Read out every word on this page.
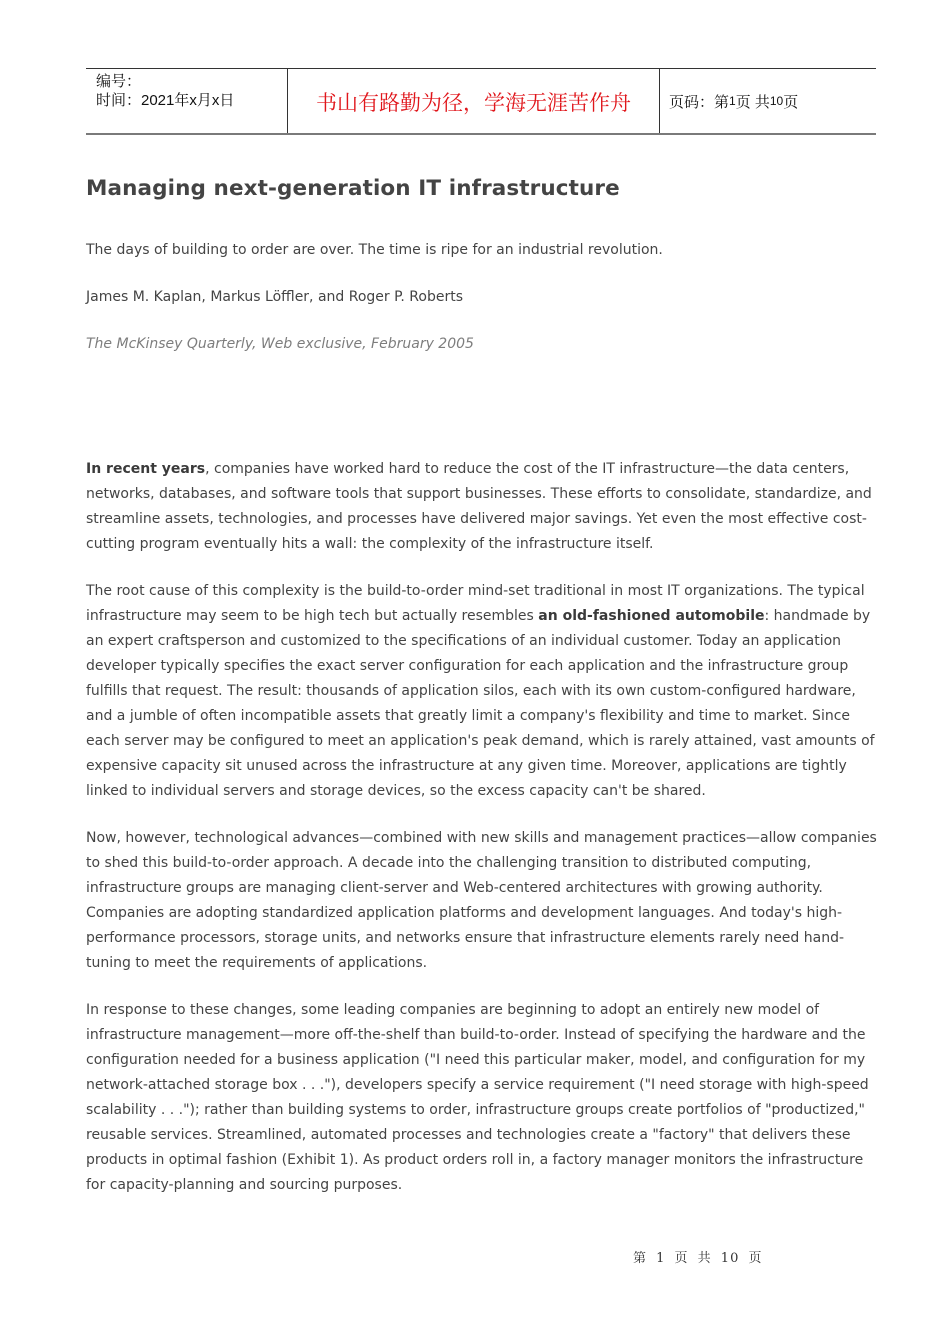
编号：
时间：2021年x月x日	书山有路勤为径，学海无涯苦作舟	页码：第 1 页 共 10 页
Managing next-generation IT infrastructure
The days of building to order are over. The time is ripe for an industrial revolution.
James M. Kaplan, Markus Löffler, and Roger P. Roberts
The McKinsey Quarterly, Web exclusive, February 2005

In recent years, companies have worked hard to reduce the cost of the IT infrastructure—the data centers, networks, databases, and software tools that support businesses. These efforts to consolidate, standardize, and streamline assets, technologies, and processes have delivered major savings. Yet even the most effective cost-cutting program eventually hits a wall: the complexity of the infrastructure itself.

The root cause of this complexity is the build-to-order mind-set traditional in most IT organizations. The typical infrastructure may seem to be high tech but actually resembles an old-fashioned automobile: handmade by an expert craftsperson and customized to the specifications of an individual customer. Today an application developer typically specifies the exact server configuration for each application and the infrastructure group fulfills that request. The result: thousands of application silos, each with its own custom-configured hardware, and a jumble of often incompatible assets that greatly limit a company's flexibility and time to market. Since each server may be configured to meet an application's peak demand, which is rarely attained, vast amounts of expensive capacity sit unused across the infrastructure at any given time. Moreover, applications are tightly linked to individual servers and storage devices, so the excess capacity can't be shared.

Now, however, technological advances—combined with new skills and management practices—allow companies to shed this build-to-order approach. A decade into the challenging transition to distributed computing, infrastructure groups are managing client-server and Web-centered architectures with growing authority. Companies are adopting standardized application platforms and development languages. And today's high-performance processors, storage units, and networks ensure that infrastructure elements rarely need hand-tuning to meet the requirements of applications.

In response to these changes, some leading companies are beginning to adopt an entirely new model of infrastructure management—more off-the-shelf than build-to-order. Instead of specifying the hardware and the configuration needed for a business application ("I need this particular maker, model, and configuration for my network-attached storage box . . ."), developers specify a service requirement ("I need storage with high-speed scalability . . ."); rather than building systems to order, infrastructure groups create portfolios of "productized," reusable services. Streamlined, automated processes and technologies create a "factory" that delivers these products in optimal fashion (Exhibit 1). As product orders roll in, a factory manager monitors the infrastructure for capacity-planning and sourcing purposes.

第 1 页 共 10 页
